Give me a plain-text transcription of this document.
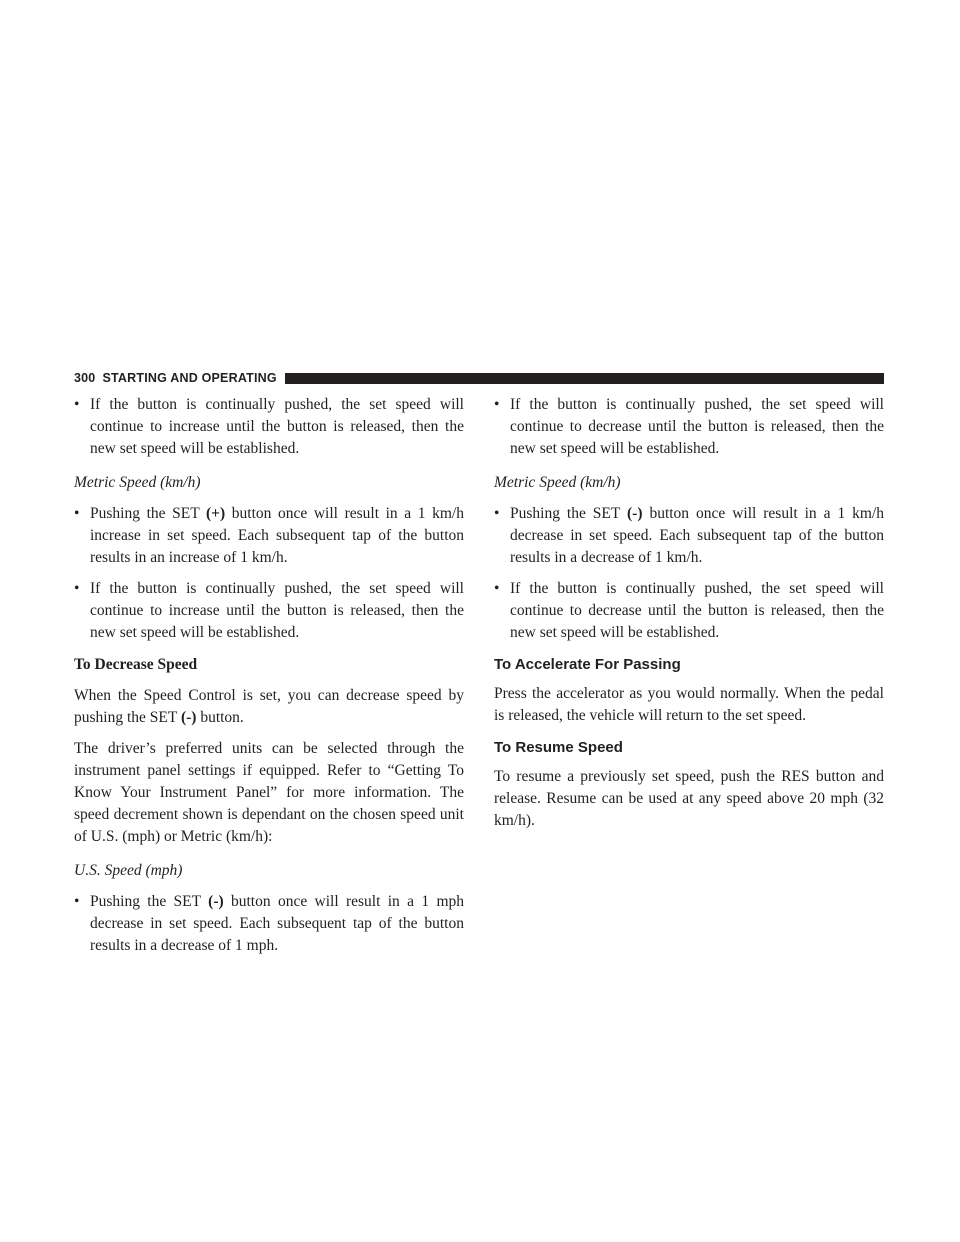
300 STARTING AND OPERATING

• If the button is continually pushed, the set speed will continue to increase until the button is released, then the new set speed will be established.

Metric Speed (km/h)

• Pushing the SET (+) button once will result in a 1 km/h increase in set speed. Each subsequent tap of the button results in an increase of 1 km/h.

• If the button is continually pushed, the set speed will continue to increase until the button is released, then the new set speed will be established.

To Decrease Speed

When the Speed Control is set, you can decrease speed by pushing the SET (-) button.

The driver’s preferred units can be selected through the instrument panel settings if equipped. Refer to “Getting To Know Your Instrument Panel” for more information. The speed decrement shown is dependant on the chosen speed unit of U.S. (mph) or Metric (km/h):

U.S. Speed (mph)

• Pushing the SET (-) button once will result in a 1 mph decrease in set speed. Each subsequent tap of the button results in a decrease of 1 mph.

• If the button is continually pushed, the set speed will continue to decrease until the button is released, then the new set speed will be established.

Metric Speed (km/h)

• Pushing the SET (-) button once will result in a 1 km/h decrease in set speed. Each subsequent tap of the button results in a decrease of 1 km/h.

• If the button is continually pushed, the set speed will continue to decrease until the button is released, then the new set speed will be established.

To Accelerate For Passing

Press the accelerator as you would normally. When the pedal is released, the vehicle will return to the set speed.

To Resume Speed

To resume a previously set speed, push the RES button and release. Resume can be used at any speed above 20 mph (32 km/h).
